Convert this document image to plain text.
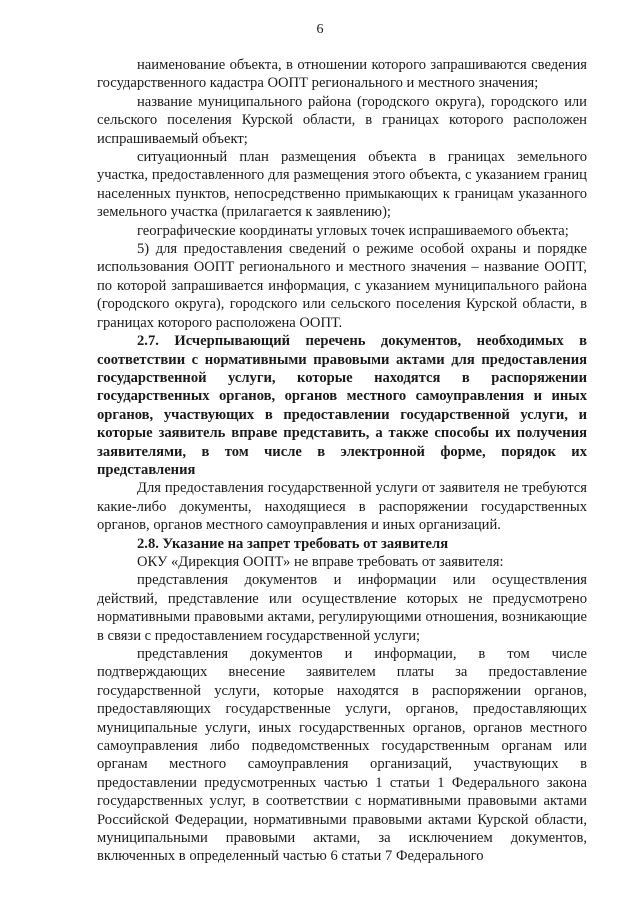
6

наименование объекта, в отношении которого запрашиваются сведения государственного кадастра ООПТ регионального и местного значения;

название муниципального района (городского округа), городского или сельского поселения Курской области, в границах которого расположен испрашиваемый объект;

ситуационный план размещения объекта в границах земельного участка, предоставленного для размещения этого объекта, с указанием границ населенных пунктов, непосредственно примыкающих к границам указанного земельного участка (прилагается к заявлению);

географические координаты угловых точек испрашиваемого объекта;

5) для предоставления сведений о режиме особой охраны и порядке использования ООПТ регионального и местного значения – название ООПТ, по которой запрашивается информация, с указанием муниципального района (городского округа), городского или сельского поселения Курской области, в границах которого расположена ООПТ.

2.7. Исчерпывающий перечень документов, необходимых в соответствии с нормативными правовыми актами для предоставления государственной услуги, которые находятся в распоряжении государственных органов, органов местного самоуправления и иных органов, участвующих в предоставлении государственной услуги, и которые заявитель вправе представить, а также способы их получения заявителями, в том числе в электронной форме, порядок их представления

Для предоставления государственной услуги от заявителя не требуются какие-либо документы, находящиеся в распоряжении государственных органов, органов местного самоуправления и иных организаций.

2.8. Указание на запрет требовать от заявителя

ОКУ «Дирекция ООПТ» не вправе требовать от заявителя:

представления документов и информации или осуществления действий, представление или осуществление которых не предусмотрено нормативными правовыми актами, регулирующими отношения, возникающие в связи с предоставлением государственной услуги;

представления документов и информации, в том числе подтверждающих внесение заявителем платы за предоставление государственной услуги, которые находятся в распоряжении органов, предоставляющих государственные услуги, органов, предоставляющих муниципальные услуги, иных государственных органов, органов местного самоуправления либо подведомственных государственным органам или органам местного самоуправления организаций, участвующих в предоставлении предусмотренных частью 1 статьи 1 Федерального закона государственных услуг, в соответствии с нормативными правовыми актами Российской Федерации, нормативными правовыми актами Курской области, муниципальными правовыми актами, за исключением документов, включенных в определенный частью 6 статьи 7 Федерального
